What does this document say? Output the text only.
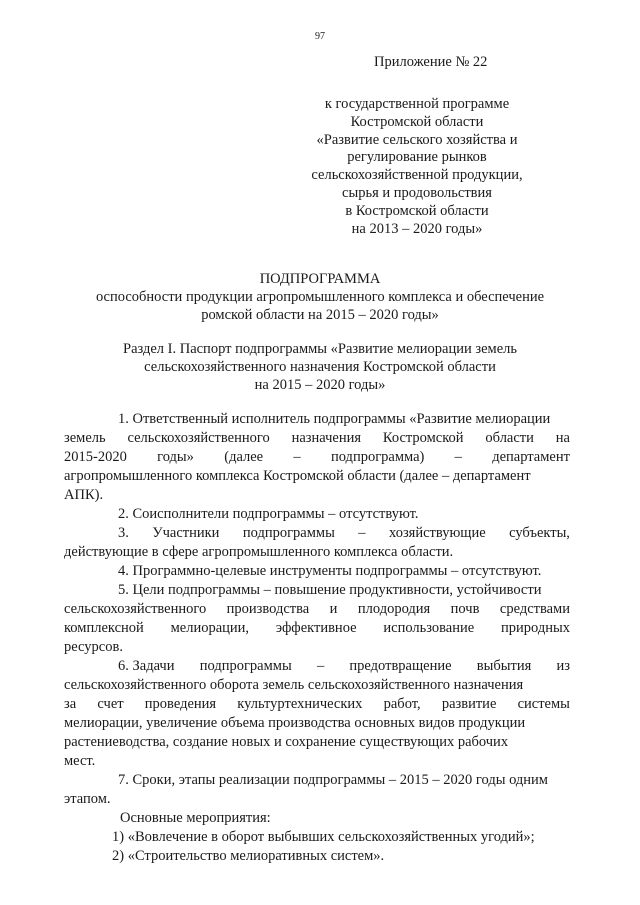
97
Приложение № 22
к государственной программе
Костромской области
«Развитие сельского хозяйства и
регулирование рынков
сельскохозяйственной продукции,
сырья и продовольствия
в Костромской области
на 2013 – 2020 годы»
ПОДПРОГРАММА
оспособности продукции агропромышленного комплекса и обеспечение
ромской области на 2015 – 2020 годы»
Раздел I. Паспорт подпрограммы «Развитие мелиорации земель
сельскохозяйственного назначения Костромской области
на 2015 – 2020 годы»
1. Ответственный исполнитель подпрограммы «Развитие мелиорации
земель сельскохозяйственного назначения Костромской области на
2015-2020 годы» (далее – подпрограмма) – департамент
агропромышленного комплекса Костромской области (далее – департамент
АПК).
2. Соисполнители подпрограммы – отсутствуют.
3. Участники подпрограммы – хозяйствующие субъекты,
действующие в сфере агропромышленного комплекса области.
4. Программно-целевые инструменты подпрограммы – отсутствуют.
5. Цели подпрограммы – повышение продуктивности, устойчивости
сельскохозяйственного производства и плодородия почв средствами
комплексной мелиорации, эффективное использование природных
ресурсов.
6. Задачи подпрограммы – предотвращение выбытия из
сельскохозяйственного оборота земель сельскохозяйственного назначения
за счет проведения культуртехнических работ, развитие системы
мелиорации, увеличение объема производства основных видов продукции
растениеводства, создание новых и сохранение существующих рабочих
мест.
7. Сроки, этапы реализации подпрограммы – 2015 – 2020 годы одним
этапом.
Основные мероприятия:
1) «Вовлечение в оборот выбывших сельскохозяйственных угодий»;
2) «Строительство мелиоративных систем».
